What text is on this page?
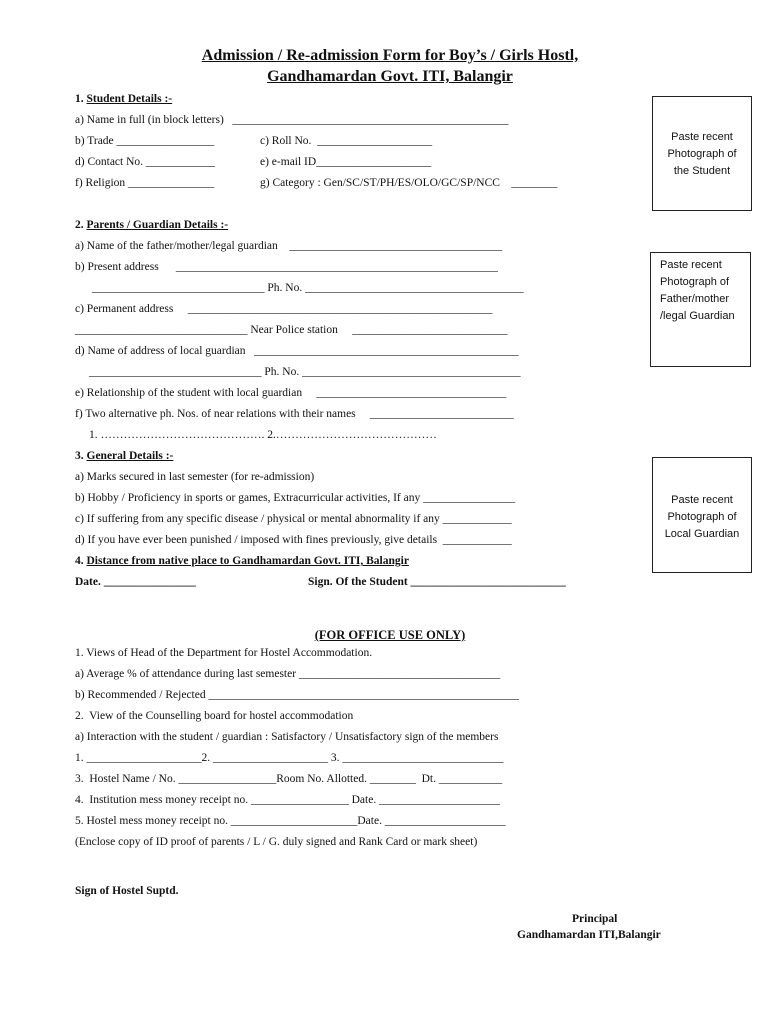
Admission / Re-admission Form for Boy’s / Girls Hostl,
Gandhamardan Govt. ITI, Balangir
1. Student Details :-
a) Name in full (in block letters)   ________________________________________________
b) Trade _________________	c) Roll No.  ____________________
d) Contact No. ____________	e) e-mail ID____________________
f) Religion _______________	g) Category : Gen/SC/ST/PH/ES/OLO/GC/SP/NCC    ________
2. Parents / Guardian Details :-
a) Name of the father/mother/legal guardian    _____________________________________
b) Present address      ________________________________________________________
______________________________ Ph. No. ______________________________________
c) Permanent address     _____________________________________________________
______________________________ Near Police station     ___________________________
d) Name of address of local guardian   ______________________________________________
______________________________ Ph. No. ______________________________________
e) Relationship of the student with local guardian     _________________________________
f) Two alternative ph. Nos. of near relations with their names     _________________________
1. ……………………………………. 2.……………………………………
3. General Details :-
a) Marks secured in last semester (for re-admission)
b) Hobby / Proficiency in sports or games, Extracurricular activities, If any ________________
c) If suffering from any specific disease / physical or mental abnormality if any ____________
d) If you have ever been punished / imposed with fines previously, give details  ____________
4. Distance from native place to Gandhamardan Govt. ITI, Balangir
Date. ________________	Sign. Of the Student ___________________________
(FOR OFFICE USE ONLY)
1. Views of Head of the Department for Hostel Accommodation.
a) Average % of attendance during last semester ___________________________________
b) Recommended / Rejected ______________________________________________________
2.  View of the Counselling board for hostel accommodation
a) Interaction with the student / guardian : Satisfactory / Unsatisfactory sign of the members
1. ____________________2. ____________________ 3. ____________________________
3.  Hostel Name / No. _________________Room No. Allotted. ________  Dt. ___________
4.  Institution mess money receipt no. _________________ Date. _____________________
5. Hostel mess money receipt no. ______________________Date. _____________________
(Enclose copy of ID proof of parents / L / G. duly signed and Rank Card or mark sheet)
Sign of Hostel Suptd.
Principal
Gandhamardan ITI,Balangir
Paste recent
Photograph of
the Student
Paste recent
Photograph of
Father/mother
/legal Guardian
Paste recent
Photograph of
Local Guardian
